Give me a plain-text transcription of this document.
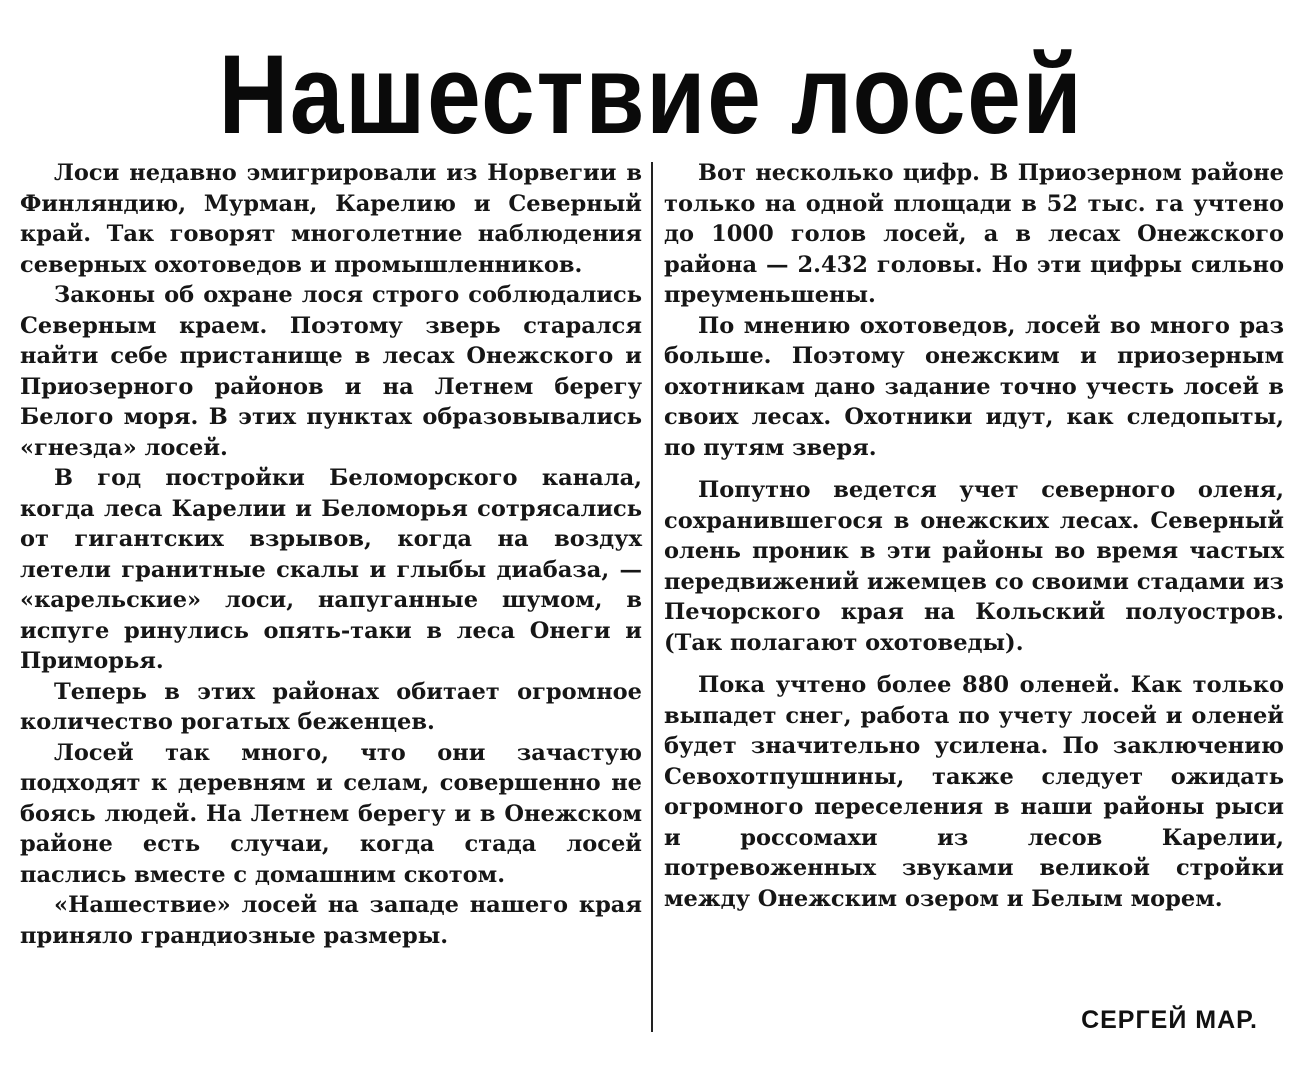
Нашествие лосей

Лоси недавно эмигрировали из Норвегии в Финляндию, Мурман, Карелию и Северный край. Так говорят многолетние наблюдения северных охотоведов и промышленников.

Законы об охране лося строго соблюдались Северным краем. Поэтому зверь старался найти себе пристанище в лесах Онежского и Приозерного районов и на Летнем берегу Белого моря. В этих пунктах образовывались «гнезда» лосей.

В год постройки Беломорского канала, когда леса Карелии и Беломорья сотрясались от гигантских взрывов, когда на воздух летели гранитные скалы и глыбы диабаза, — «карельские» лоси, напуганные шумом, в испуге ринулись опять-таки в леса Онеги и Приморья.

Теперь в этих районах обитает огромное количество рогатых беженцев.

Лосей так много, что они зачастую подходят к деревням и селам, совершенно не боясь людей. На Летнем берегу и в Онежском районе есть случаи, когда стада лосей паслись вместе с домашним скотом.

«Нашествие» лосей на западе нашего края приняло грандиозные размеры.

Вот несколько цифр. В Приозерном районе только на одной площади в 52 тыс. га учтено до 1000 голов лосей, а в лесах Онежского района — 2.432 головы. Но эти цифры сильно преуменьшены.

По мнению охотоведов, лосей во много раз больше. Поэтому онежским и приозерным охотникам дано задание точно учесть лосей в своих лесах. Охотники идут, как следопыты, по путям зверя.

Попутно ведется учет северного оленя, сохранившегося в онежских лесах. Северный олень проник в эти районы во время частых передвижений ижемцев со своими стадами из Печорского края на Кольский полуостров. (Так полагают охотоведы).

Пока учтено более 880 оленей. Как только выпадет снег, работа по учету лосей и оленей будет значительно усилена. По заключению Севохотпушнины, также следует ожидать огромного переселения в наши районы рыси и россомахи из лесов Карелии, потревоженных звуками великой стройки между Онежским озером и Белым морем.

СЕРГЕЙ МАР.
